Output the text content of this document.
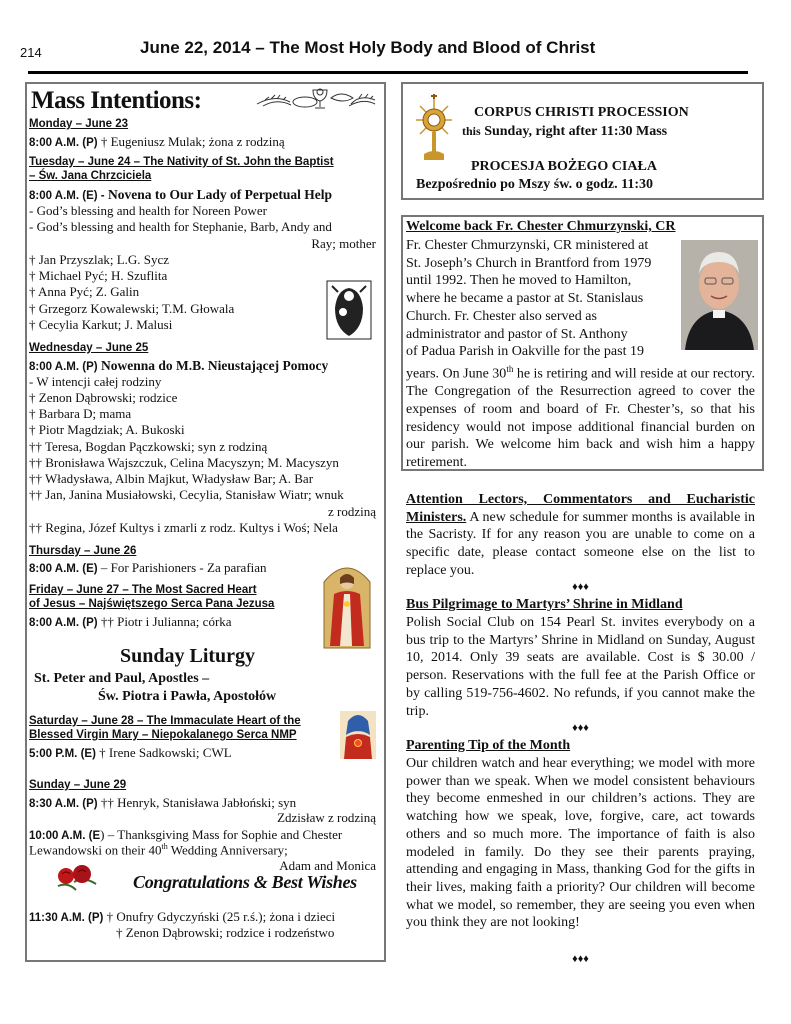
214	June 22, 2014 – The Most Holy Body and Blood of Christ
Mass Intentions:
Monday – June 23
8:00 A.M. (P) † Eugeniusz Mulak; żona z rodziną
Tuesday – June 24 – The Nativity of St. John the Baptist
– Św. Jana Chrzciciela
8:00 A.M. (E) - Novena to Our Lady of Perpetual Help
- God’s blessing and health for Noreen Power
- God’s blessing and health for Stephanie, Barb, Andy and
Ray; mother
† Jan Przyszlak; L.G. Sycz
† Michael Pyć; H. Szuflita
† Anna Pyć; Z. Galin
† Grzegorz Kowalewski; T.M. Głowala
† Cecylia Karkut; J. Malusi
Wednesday – June 25
8:00 A.M. (P) Nowenna do M.B. Nieustającej Pomocy
- W intencji całej rodziny
† Zenon Dąbrowski; rodzice
† Barbara D; mama
† Piotr Magdziak; A. Bukoski
†† Teresa, Bogdan Pączkowski; syn z rodziną
†† Bronisława Wajszczuk, Celina Macyszyn; M. Macyszyn
†† Władysława, Albin Majkut, Władysław Bar; A. Bar
†† Jan, Janina Musiałowski, Cecylia, Stanisław Wiatr; wnuk
z rodziną
†† Regina, Józef Kultys i zmarli z rodz. Kultys i Woś; Nela
Thursday – June 26
8:00 A.M. (E) – For Parishioners - Za parafian
Friday – June 27 – The Most Sacred Heart
of Jesus – Najświętszego Serca Pana Jezusa
8:00 A.M. (P) †† Piotr i Julianna; córka
Sunday Liturgy
St. Peter and Paul, Apostles –
Św. Piotra i Pawła, Apostołów
Saturday – June 28 – The Immaculate Heart of the
Blessed Virgin Mary – Niepokalanego Serca NMP
5:00 P.M. (E) † Irene Sadkowski; CWL
Sunday – June 29
8:30 A.M. (P) †† Henryk, Stanisława Jabłoński; syn
Zdzisław z rodziną
10:00 A.M. (E) – Thanksgiving Mass for Sophie and Chester
Lewandowski on their 40th Wedding Anniversary;
Adam and Monica
Congratulations & Best Wishes
11:30 A.M. (P) † Onufry Gdyczyński (25 r.ś.); żona i dzieci
† Zenon Dąbrowski; rodzice i rodzeństwo
CORPUS CHRISTI PROCESSION
this Sunday, right after 11:30 Mass
PROCESJA BOŻEGO CIAŁA
Bezpośrednio po Mszy św. o godz. 11:30
Welcome back Fr. Chester Chmurzynski, CR
Fr. Chester Chmurzynski, CR ministered at
St. Joseph’s Church in Brantford from 1979
until 1992. Then he moved to Hamilton,
where he became a pastor at St. Stanislaus
Church. Fr. Chester also served as
administrator and pastor of St. Anthony
of Padua Parish in Oakville for the past 19
years. On June 30th he is retiring and will reside at our rectory. The Congregation of the Resurrection agreed to cover the expenses of room and board of Fr. Chester’s, so that his residency would not impose additional financial burden on our parish. We welcome him back and wish him a happy retirement.
Attention Lectors, Commentators and Eucharistic Ministers. A new schedule for summer months is available in the Sacristy. If for any reason you are unable to come on a specific date, please contact someone else on the list to replace you.
♦♦♦
Bus Pilgrimage to Martyrs’ Shrine in Midland
Polish Social Club on 154 Pearl St. invites everybody on a bus trip to the Martyrs’ Shrine in Midland on Sunday, August 10, 2014. Only 39 seats are available. Cost is $ 30.00 / person. Reservations with the full fee at the Parish Office or by calling 519-756-4602. No refunds, if you cannot make the trip.
♦♦♦
Parenting Tip of the Month
Our children watch and hear everything; we model with more power than we speak. When we model consistent behaviours they become enmeshed in our children’s actions. They are watching how we speak, love, forgive, care, act towards others and so much more. The importance of faith is also modeled in family. Do they see their parents praying, attending and engaging in Mass, thanking God for the gifts in their lives, making faith a priority? Our children will become what we model, so remember, they are seeing you even when you think they are not looking!
♦♦♦
